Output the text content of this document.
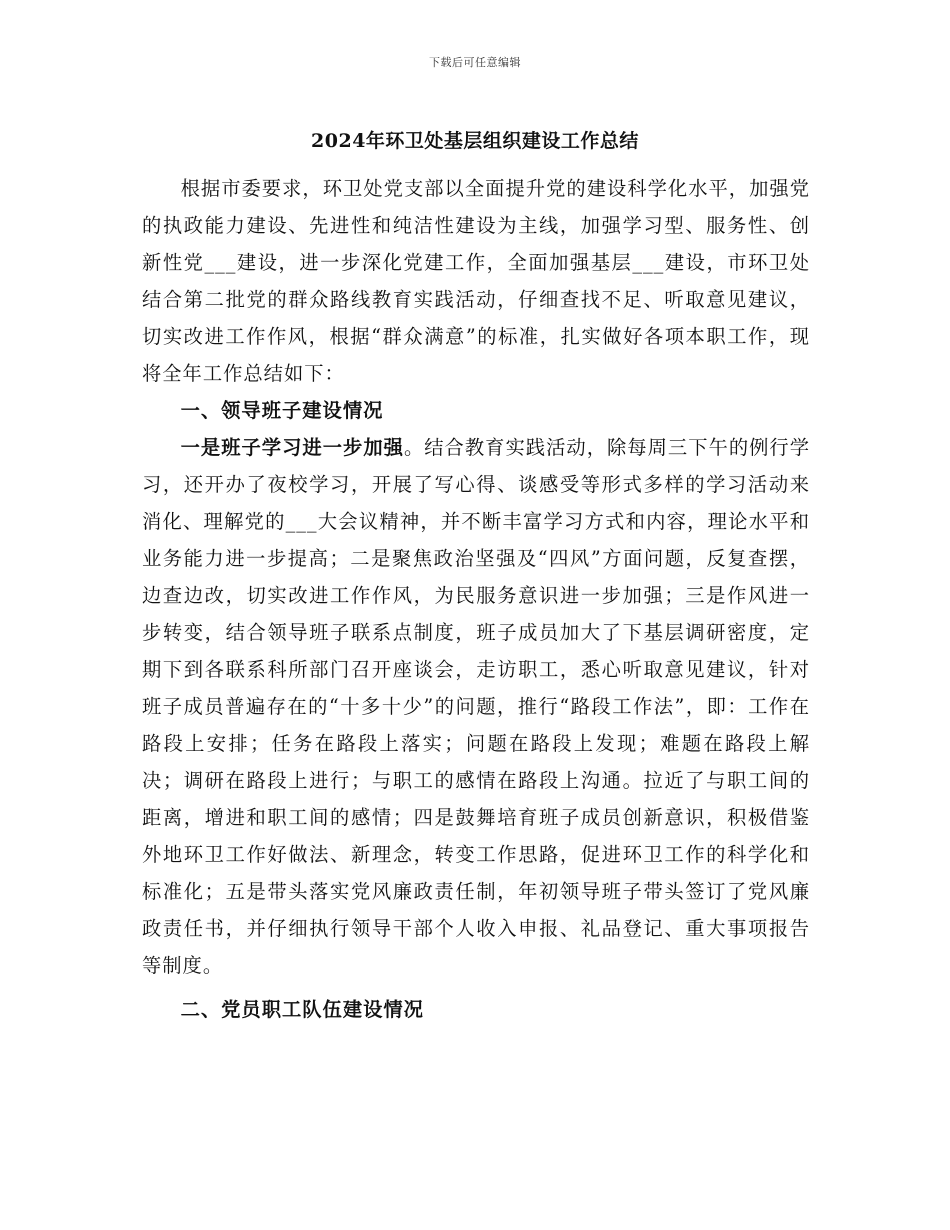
下载后可任意编辑
2024年环卫处基层组织建设工作总结

根据市委要求，环卫处党支部以全面提升党的建设科学化水平，加强党的执政能力建设、先进性和纯洁性建设为主线，加强学习型、服务性、创新性党___建设，进一步深化党建工作，全面加强基层___建设，市环卫处结合第二批党的群众路线教育实践活动，仔细查找不足、听取意见建议，切实改进工作作风，根据“群众满意”的标准，扎实做好各项本职工作，现将全年工作总结如下：

一、领导班子建设情况

一是班子学习进一步加强。结合教育实践活动，除每周三下午的例行学习，还开办了夜校学习，开展了写心得、谈感受等形式多样的学习活动来消化、理解党的___大会议精神，并不断丰富学习方式和内容，理论水平和业务能力进一步提高；二是聚焦政治坚强及“四风”方面问题，反复查摆，边查边改，切实改进工作作风，为民服务意识进一步加强；三是作风进一步转变，结合领导班子联系点制度，班子成员加大了下基层调研密度，定期下到各联系科所部门召开座谈会，走访职工，悉心听取意见建议，针对班子成员普遍存在的“十多十少”的问题，推行“路段工作法”，即：工作在路段上安排；任务在路段上落实；问题在路段上发现；难题在路段上解决；调研在路段上进行；与职工的感情在路段上沟通。拉近了与职工间的距离，增进和职工间的感情；四是鼓舞培育班子成员创新意识，积极借鉴外地环卫工作好做法、新理念，转变工作思路，促进环卫工作的科学化和标准化；五是带头落实党风廉政责任制，年初领导班子带头签订了党风廉政责任书，并仔细执行领导干部个人收入申报、礼品登记、重大事项报告等制度。

二、党员职工队伍建设情况
